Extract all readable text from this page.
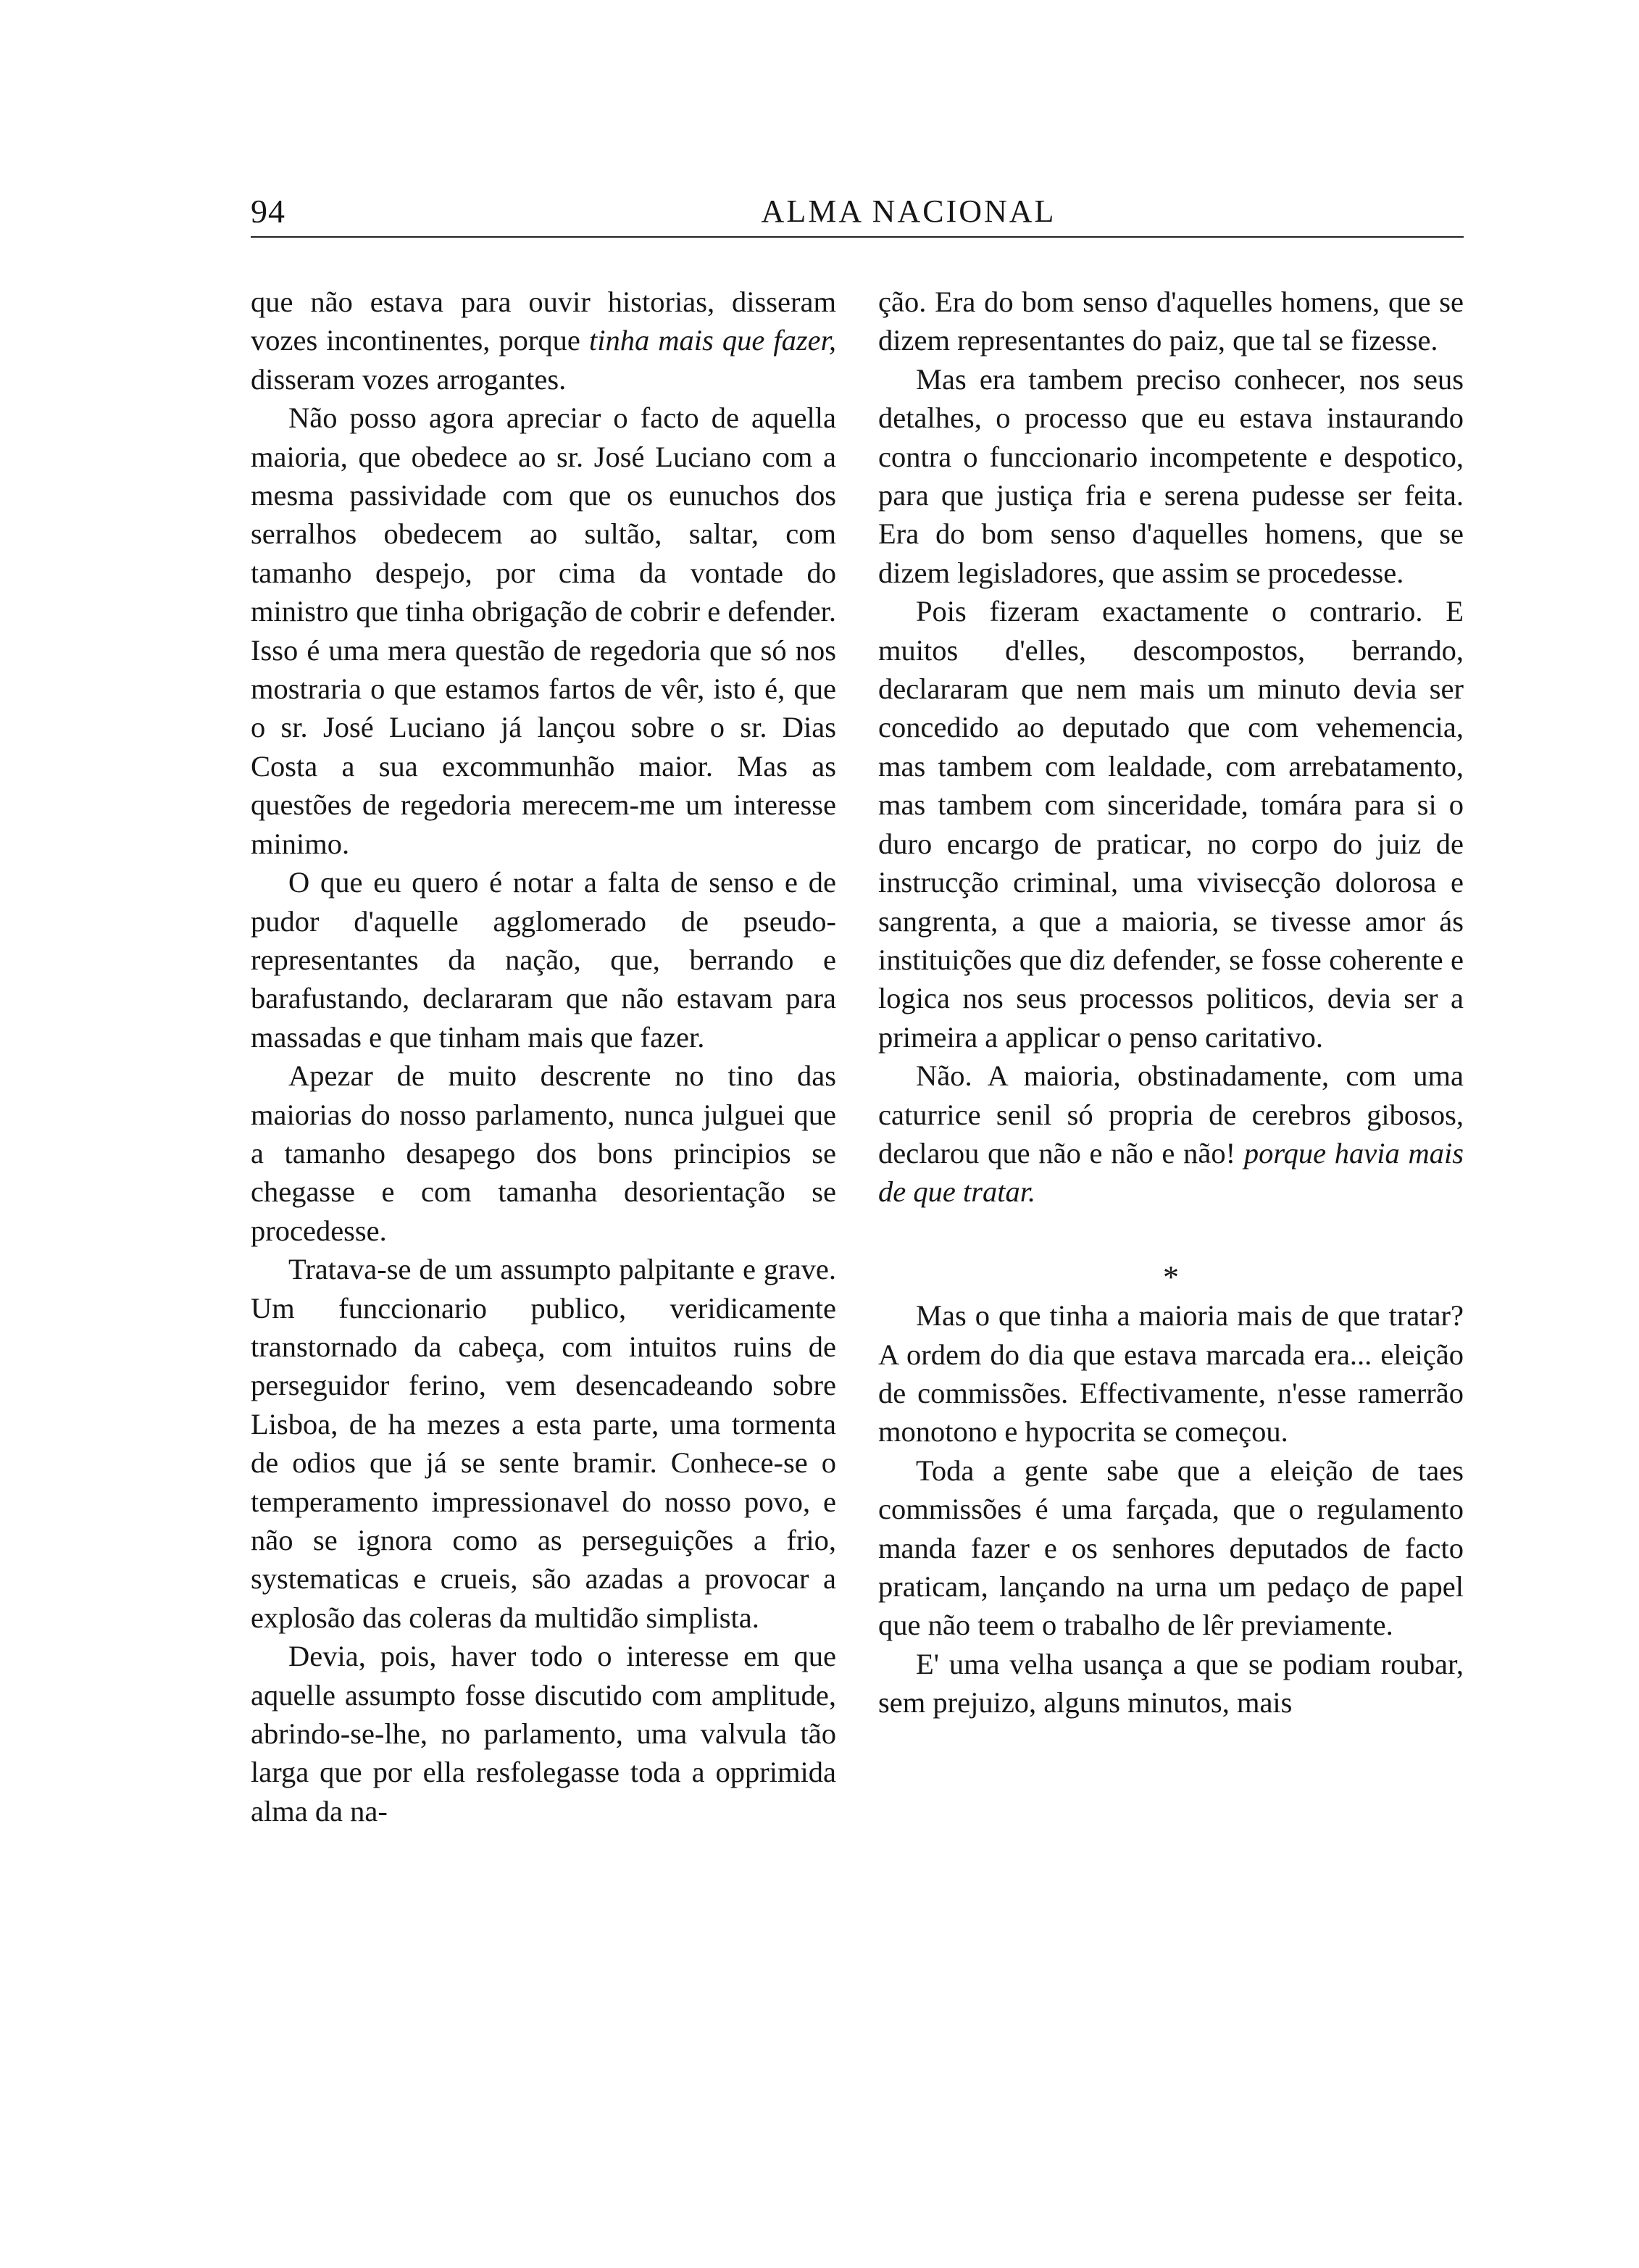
94	ALMA NACIONAL

que não estava para ouvir historias, disseram vozes incontinentes, porque tinha mais que fazer, disseram vozes arrogantes.

Não posso agora apreciar o facto de aquella maioria, que obedece ao sr. José Luciano com a mesma passividade com que os eunuchos dos serralhos obedecem ao sultão, saltar, com tamanho despejo, por cima da vontade do ministro que tinha obrigação de cobrir e defender. Isso é uma mera questão de regedoria que só nos mostraria o que estamos fartos de vêr, isto é, que o sr. José Luciano já lançou sobre o sr. Dias Costa a sua excommunhão maior. Mas as questões de regedoria merecem-me um interesse minimo.

O que eu quero é notar a falta de senso e de pudor d'aquelle agglomerado de pseudo-representantes da nação, que, berrando e barafustando, declararam que não estavam para massadas e que tinham mais que fazer.

Apezar de muito descrente no tino das maiorias do nosso parlamento, nunca julguei que a tamanho desapego dos bons principios se chegasse e com tamanha desorientação se procedesse.

Tratava-se de um assumpto palpitante e grave. Um funccionario publico, veridicamente transtornado da cabeça, com intuitos ruins de perseguidor ferino, vem desencadeando sobre Lisboa, de ha mezes a esta parte, uma tormenta de odios que já se sente bramir. Conhece-se o temperamento impressionavel do nosso povo, e não se ignora como as perseguições a frio, systematicas e crueis, são azadas a provocar a explosão das coleras da multidão simplista.

Devia, pois, haver todo o interesse em que aquelle assumpto fosse discutido com amplitude, abrindo-se-lhe, no parlamento, uma valvula tão larga que por ella resfolegasse toda a opprimida alma da na-

ção. Era do bom senso d'aquelles homens, que se dizem representantes do paiz, que tal se fizesse.

Mas era tambem preciso conhecer, nos seus detalhes, o processo que eu estava instaurando contra o funccionario incompetente e despotico, para que justiça fria e serena pudesse ser feita. Era do bom senso d'aquelles homens, que se dizem legisladores, que assim se procedesse.

Pois fizeram exactamente o contrario. E muitos d'elles, descompostos, berrando, declararam que nem mais um minuto devia ser concedido ao deputado que com vehemencia, mas tambem com lealdade, com arrebatamento, mas tambem com sinceridade, tomára para si o duro encargo de praticar, no corpo do juiz de instrucção criminal, uma vivisecção dolorosa e sangrenta, a que a maioria, se tivesse amor ás instituições que diz defender, se fosse coherente e logica nos seus processos politicos, devia ser a primeira a applicar o penso caritativo.

Não. A maioria, obstinadamente, com uma caturrice senil só propria de cerebros gibosos, declarou que não e não e não! porque havia mais de que tratar.

*

Mas o que tinha a maioria mais de que tratar? A ordem do dia que estava marcada era... eleição de commissões. Effectivamente, n'esse ramerrão monotono e hypocrita se começou.

Toda a gente sabe que a eleição de taes commissões é uma farçada, que o regulamento manda fazer e os senhores deputados de facto praticam, lançando na urna um pedaço de papel que não teem o trabalho de lêr previamente.

E' uma velha usança a que se podiam roubar, sem prejuizo, alguns minutos, mais
